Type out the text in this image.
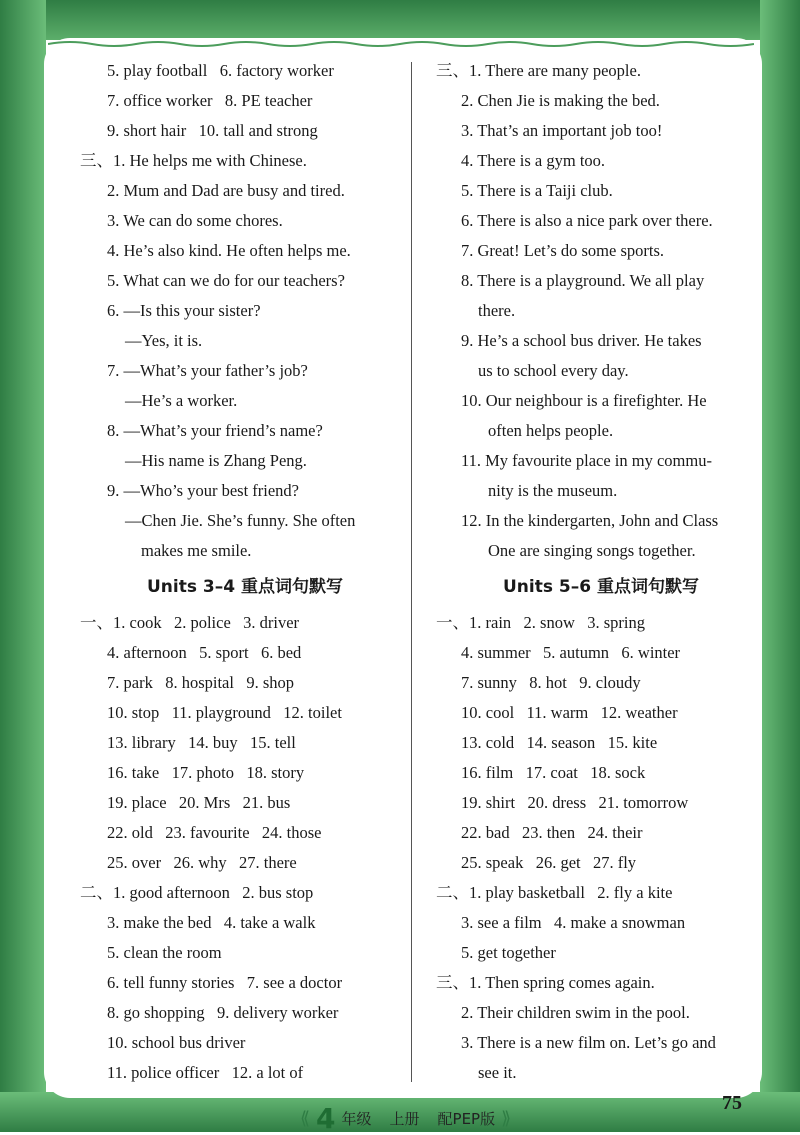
5. play football 6. factory worker
7. office worker 8. PE teacher
9. short hair 10. tall and strong
三、1. He helps me with Chinese.
2. Mum and Dad are busy and tired.
3. We can do some chores.
4. He’s also kind. He often helps me.
5. What can we do for our teachers?
6. —Is this your sister?
—Yes, it is.
7. —What’s your father’s job?
—He’s a worker.
8. —What’s your friend’s name?
—His name is Zhang Peng.
9. —Who’s your best friend?
—Chen Jie. She’s funny. She often
makes me smile.
Units 3–4 重点词句默写
一、1. cook   2. police   3. driver
4. afternoon   5. sport   6. bed
7. park   8. hospital   9. shop
10. stop   11. playground   12. toilet
13. library   14. buy   15. tell
16. take   17. photo   18. story
19. place   20. Mrs   21. bus
22. old   23. favourite   24. those
25. over   26. why   27. there
二、1. good afternoon   2. bus stop
3. make the bed   4. take a walk
5. clean the room
6. tell funny stories   7. see a doctor
8. go shopping   9. delivery worker
10. school bus driver
11. police officer   12. a lot of
三、1. There are many people.
2. Chen Jie is making the bed.
3. That’s an important job too!
4. There is a gym too.
5. There is a Taiji club.
6. There is also a nice park over there.
7. Great! Let’s do some sports.
8. There is a playground. We all play
there.
9. He’s a school bus driver. He takes
us to school every day.
10. Our neighbour is a firefighter. He
often helps people.
11. My favourite place in my commu-
nity is the museum.
12. In the kindergarten, John and Class
One are singing songs together.
Units 5–6 重点词句默写
一、1. rain   2. snow   3. spring
4. summer   5. autumn   6. winter
7. sunny   8. hot   9. cloudy
10. cool   11. warm   12. weather
13. cold   14. season   15. kite
16. film   17. coat   18. sock
19. shirt   20. dress   21. tomorrow
22. bad   23. then   24. their
25. speak   26. get   27. fly
二、1. play basketball   2. fly a kite
3. see a film   4. make a snowman
5. get together
三、1. Then spring comes again.
2. Their children swim in the pool.
3. There is a new film on. Let’s go and
see it.
⟪ 4 年级 上册 配PEP版 ⟫
75
